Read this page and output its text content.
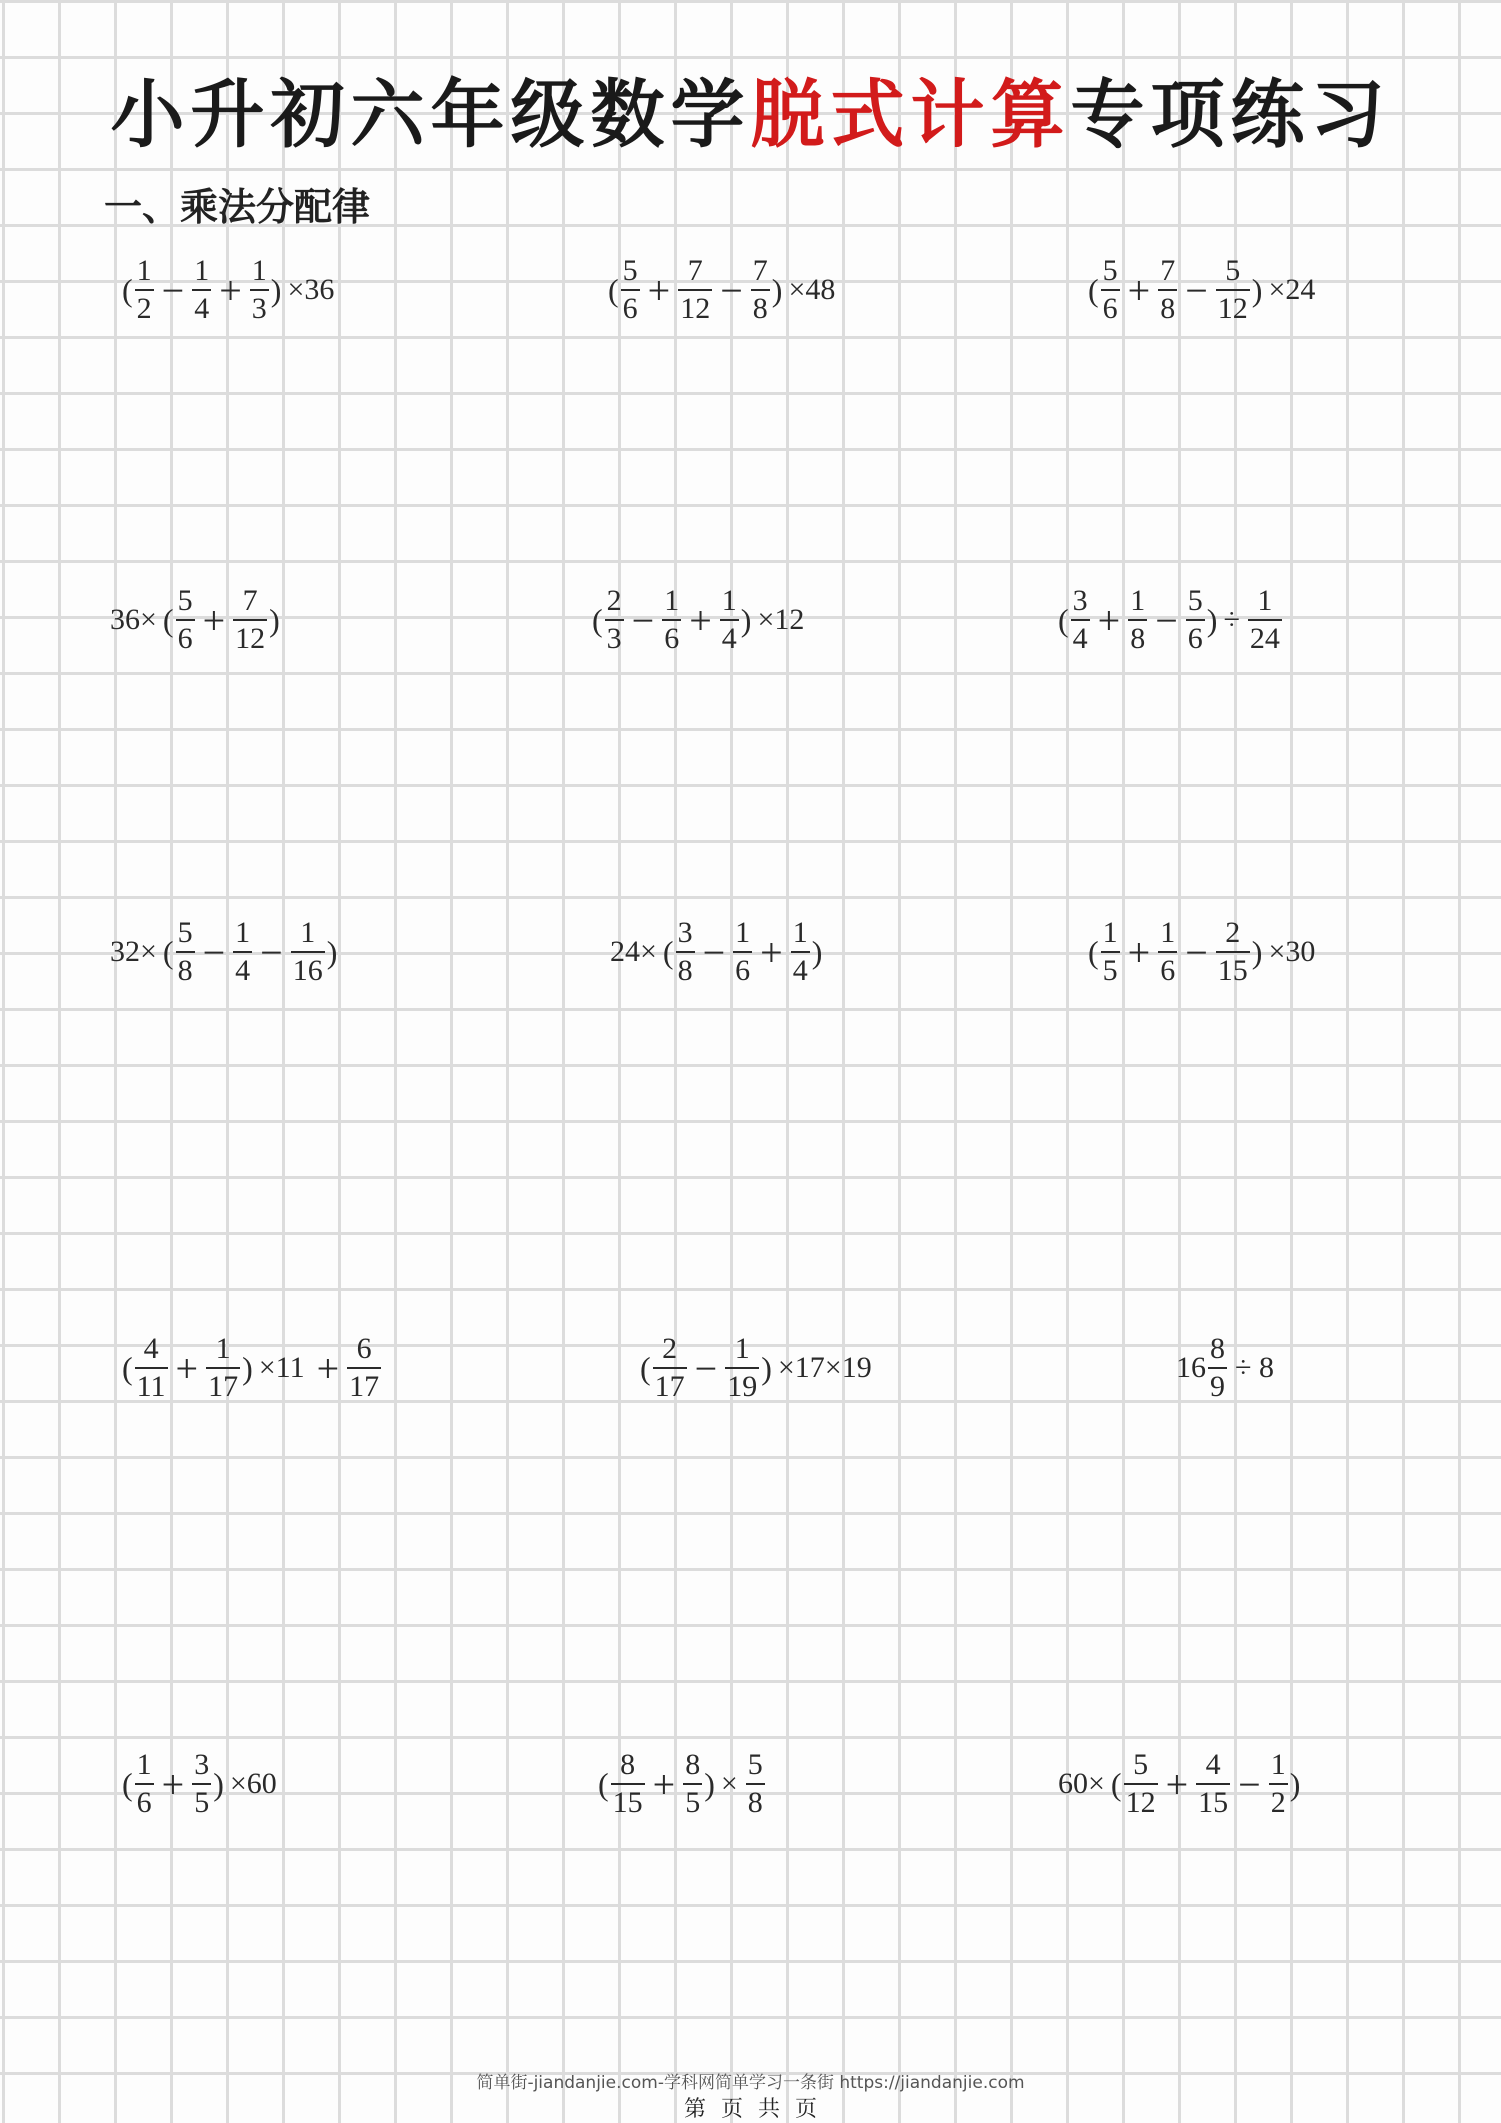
小升初六年级数学脱式计算专项练习
一、乘法分配律
( $\frac{1}{2} - \frac{1}{4} + \frac{1}{3}$ ) ×36	( $\frac{5}{6} + \frac{7}{12} - \frac{7}{8}$ ) ×48	( $\frac{5}{6} + \frac{7}{8} - \frac{5}{12}$ ) ×24
36× ( $\frac{5}{6} + \frac{7}{12}$ )	( $\frac{2}{3} - \frac{1}{6} + \frac{1}{4}$ ) ×12	( $\frac{3}{4} + \frac{1}{8} - \frac{5}{6}$ ) ÷ $\frac{1}{24}$
32× ( $\frac{5}{8} - \frac{1}{4} - \frac{1}{16}$ )	24× ( $\frac{3}{8} - \frac{1}{6} + \frac{1}{4}$ )	( $\frac{1}{5} + \frac{1}{6} - \frac{2}{15}$ ) ×30
( $\frac{4}{11} + \frac{1}{17}$ ) $\times 11 + \frac{6}{17}$	( $\frac{2}{17} - \frac{1}{19}$ ) ×17×19	$16 \frac{8}{9} \div 8$
( $\frac{1}{6} + \frac{3}{5}$ ) ×60	( $\frac{8}{15} + \frac{8}{5}$ ) × $\frac{5}{8}$	60× ( $\frac{5}{12} + \frac{4}{15} - \frac{1}{2}$ )
简单街-jiandanjie.com-学科网简单学习一条街 https://jiandanjie.com
第 页 共 页
